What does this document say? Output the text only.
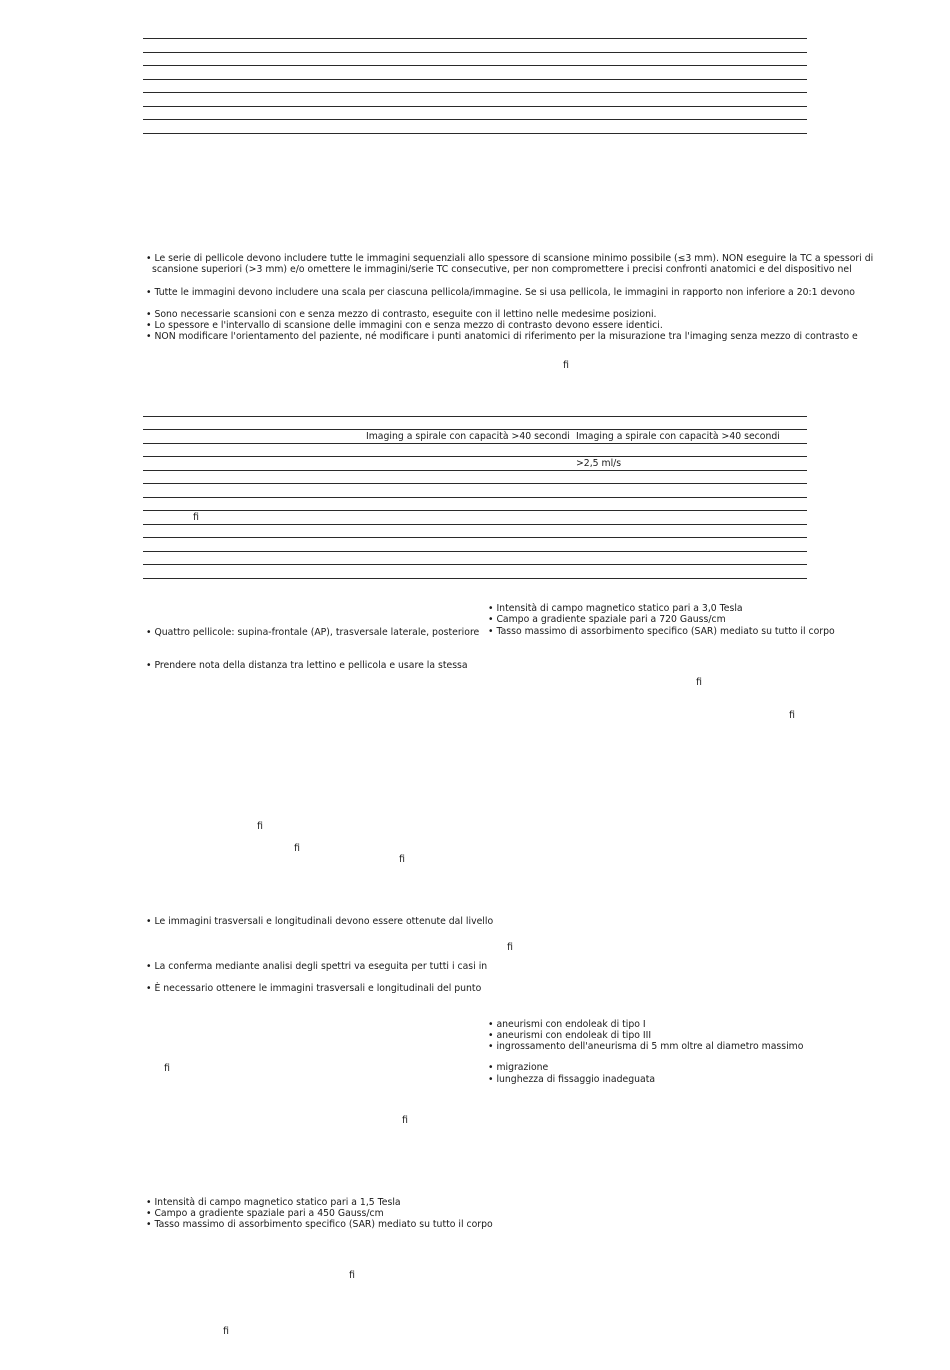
• Le serie di pellicole devono includere tutte le immagini sequenziali allo spessore di scansione minimo possibile (≤3 mm). NON eseguire la TC a spessori di
scansione superiori (>3 mm) e/o omettere le immagini/serie TC consecutive, per non compromettere i precisi confronti anatomici e del dispositivo nel
• Tutte le immagini devono includere una scala per ciascuna pellicola/immagine. Se si usa pellicola, le immagini in rapporto non inferiore a 20:1 devono
• Sono necessarie scansioni con e senza mezzo di contrasto, eseguite con il lettino nelle medesime posizioni.
• Lo spessore e l'intervallo di scansione delle immagini con e senza mezzo di contrasto devono essere identici.
• NON modificare l'orientamento del paziente, né modificare i punti anatomici di riferimento per la misurazione tra l'imaging senza mezzo di contrasto e
ﬁ
Imaging a spirale con capacità >40 secondi Imaging a spirale con capacità >40 secondi
>2,5 ml/s
ﬁ
• Intensità di campo magnetico statico pari a 3,0 Tesla
• Campo a gradiente spaziale pari a 720 Gauss/cm
• Tasso massimo di assorbimento specifico (SAR) mediato su tutto il corpo
• Quattro pellicole: supina-frontale (AP), trasversale laterale, posteriore
• Prendere nota della distanza tra lettino e pellicola e usare la stessa
ﬁ
ﬁ
ﬁ
ﬁ
ﬁ
• Le immagini trasversali e longitudinali devono essere ottenute dal livello
ﬁ
• La conferma mediante analisi degli spettri va eseguita per tutti i casi in
• È necessario ottenere le immagini trasversali e longitudinali del punto
• aneurismi con endoleak di tipo I
• aneurismi con endoleak di tipo III
• ingrossamento dell'aneurisma di 5 mm oltre al diametro massimo
• migrazione
• lunghezza di fissaggio inadeguata
ﬁ
ﬁ
• Intensità di campo magnetico statico pari a 1,5 Tesla
• Campo a gradiente spaziale pari a 450 Gauss/cm
• Tasso massimo di assorbimento specifico (SAR) mediato su tutto il corpo
ﬁ
ﬁ
